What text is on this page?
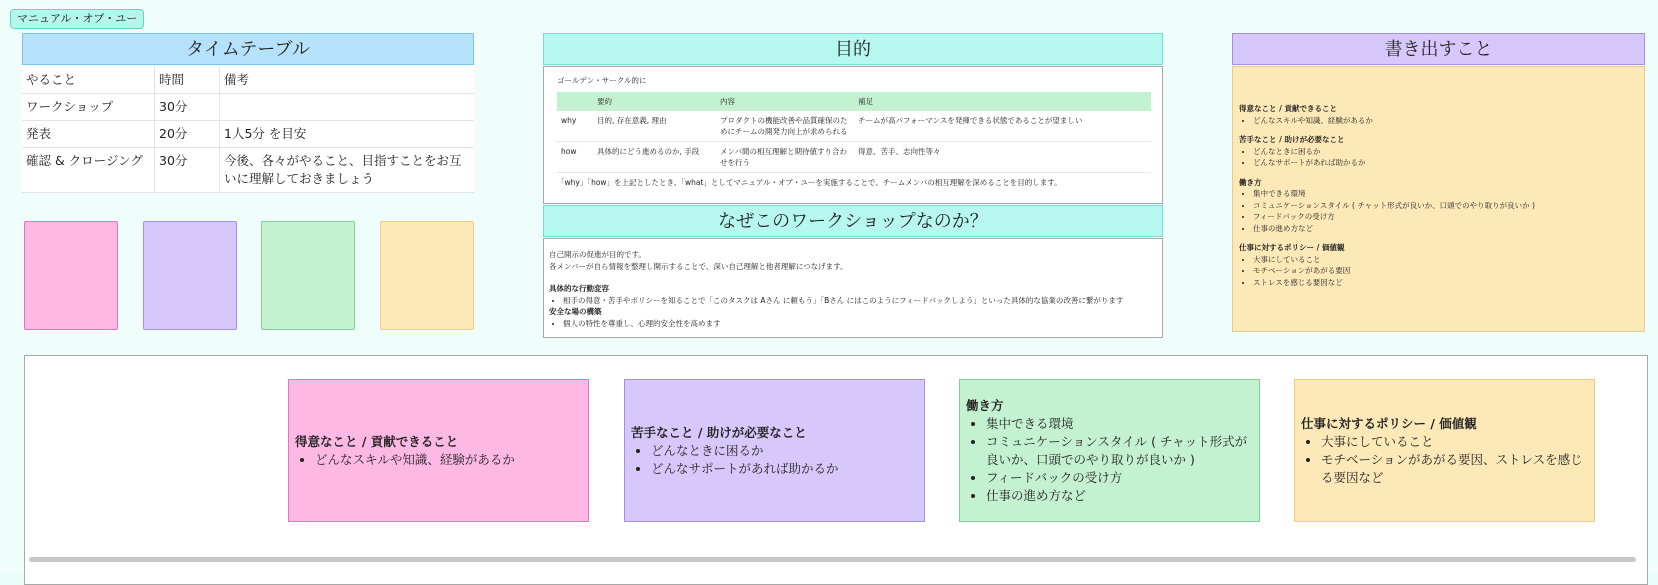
マニュアル・オブ・ユー
タイムテーブル
やること	時間	備考
ワークショップ	30分	
発表	20分	1人5分 を目安
確認 & クロージング	30分	今後、各々がやること、目指すことをお互いに理解しておきましょう
目的
ゴールデン・サークル的に
	要約	内容	補足
why	目的, 存在意義, 理由	プロダクトの機能改善や品質確保のためにチームの開発力向上が求められる	チームが高パフォーマンスを発揮できる状態であることが望ましい
how	具体的にどう進めるのか, 手段	メンバ間の相互理解と期待値すり合わせを行う	得意、苦手、志向性等々
「why」「how」を上記としたとき、「what」としてマニュアル・オブ・ユーを実施することで、チームメンバの相互理解を深めることを目的します。
なぜこのワークショップなのか？
自己開示の促進が目的です。
各メンバーが自ら情報を整理し開示することで、深い自己理解と他者理解につなげます。
具体的な行動変容
• 相手の得意・苦手やポリシーを知ることで「このタスクは Aさん に頼もう」「Bさん にはこのようにフィードバックしよう」といった具体的な協業の改善に繋がります
安全な場の構築
• 個人の特性を尊重し、心理的安全性を高めます
書き出すこと
得意なこと / 貢献できること
• どんなスキルや知識、経験があるか
苦手なこと / 助けが必要なこと
• どんなときに困るか
• どんなサポートがあれば助かるか
働き方
• 集中できる環境
• コミュニケーションスタイル ( チャット形式が良いか、口頭でのやり取りが良いか )
• フィードバックの受け方
• 仕事の進め方など
仕事に対するポリシー / 価値観
• 大事にしていること
• モチベーションがあがる要因
• ストレスを感じる要因など
得意なこと / 貢献できること
• どんなスキルや知識、経験があるか
苦手なこと / 助けが必要なこと
• どんなときに困るか
• どんなサポートがあれば助かるか
働き方
• 集中できる環境
• コミュニケーションスタイル ( チャット形式が良いか、口頭でのやり取りが良いか )
• フィードバックの受け方
• 仕事の進め方など
仕事に対するポリシー / 価値観
• 大事にしていること
• モチベーションがあがる要因、ストレスを感じる要因など
